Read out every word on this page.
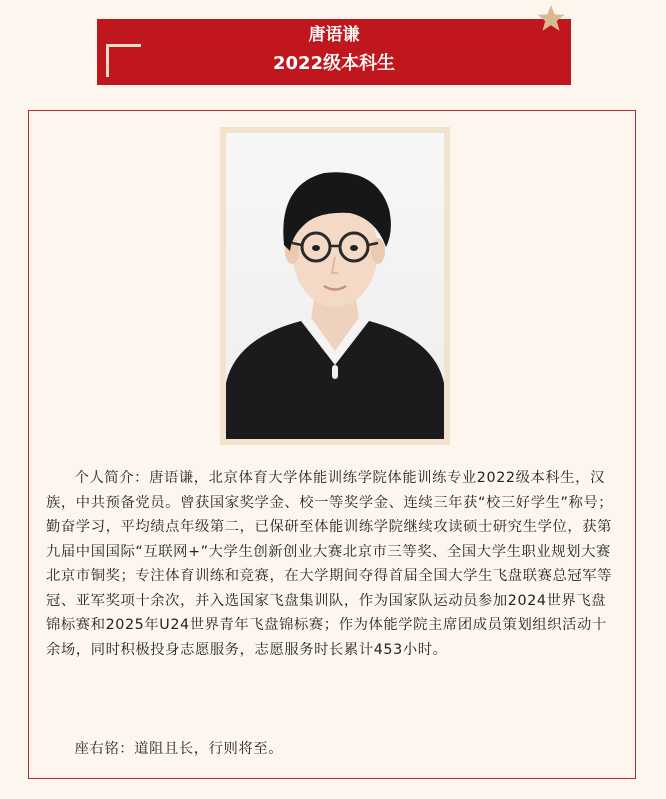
唐语谦
2022级本科生

个人简介：唐语谦，北京体育大学体能训练学院体能训练专业2022级本科生，汉族，中共预备党员。曾获国家奖学金、校一等奖学金、连续三年获“校三好学生”称号；勤奋学习，平均绩点年级第二，已保研至体能训练学院继续攻读硕士研究生学位，获第九届中国国际“互联网+”大学生创新创业大赛北京市三等奖、全国大学生职业规划大赛北京市铜奖；专注体育训练和竞赛，在大学期间夺得首届全国大学生飞盘联赛总冠军等冠、亚军奖项十余次，并入选国家飞盘集训队，作为国家队运动员参加2024世界飞盘锦标赛和2025年U24世界青年飞盘锦标赛；作为体能学院主席团成员策划组织活动十余场，同时积极投身志愿服务，志愿服务时长累计453小时。

座右铭：道阻且长，行则将至。
